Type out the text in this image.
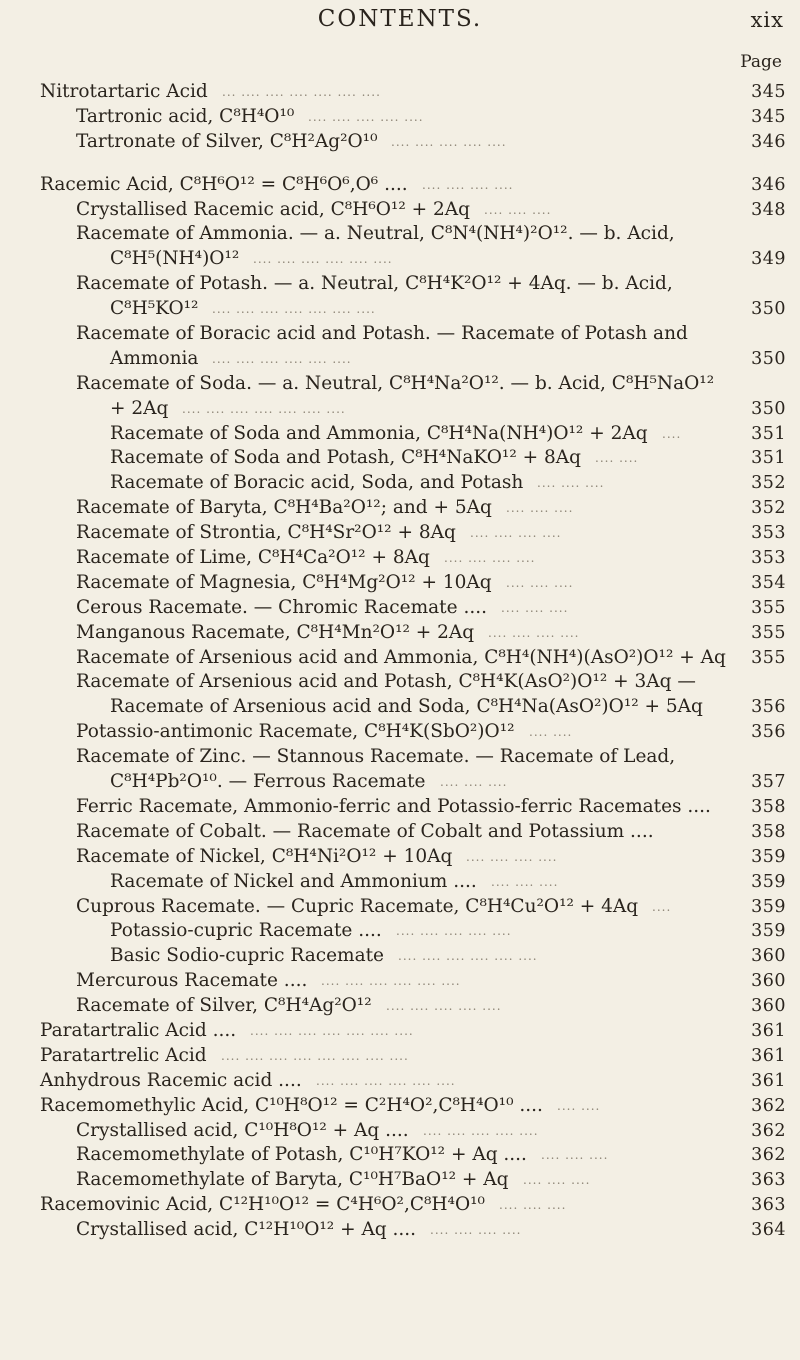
CONTENTS.	xix
Page
Nitrotartaric Acid	345
... .... .... .... .... .... ....
Tartronic acid, C⁸H⁴O¹⁰	345
.... .... .... .... ....
Tartronate of Silver, C⁸H²Ag²O¹⁰	346
.... .... .... .... ....
Racemic Acid, C⁸H⁶O¹² = C⁸H⁶O⁶,O⁶ ....	346
.... .... .... ....
Crystallised Racemic acid, C⁸H⁶O¹² + 2Aq	348
.... .... ....
Racemate of Ammonia. — a. Neutral, C⁸N⁴(NH⁴)²O¹². — b. Acid,
C⁸H⁵(NH⁴)O¹²	349
.... .... .... .... .... ....
Racemate of Potash. — a. Neutral, C⁸H⁴K²O¹² + 4Aq. — b. Acid,
C⁸H⁵KO¹²	350
.... .... .... .... .... .... ....
Racemate of Boracic acid and Potash. — Racemate of Potash and
Ammonia	350
.... .... .... .... .... ....
Racemate of Soda. — a. Neutral, C⁸H⁴Na²O¹². — b. Acid, C⁸H⁵NaO¹²
+ 2Aq	350
.... .... .... .... .... .... ....
Racemate of Soda and Ammonia, C⁸H⁴Na(NH⁴)O¹² + 2Aq	351
....
Racemate of Soda and Potash, C⁸H⁴NaKO¹² + 8Aq	351
.... ....
Racemate of Boracic acid, Soda, and Potash	352
.... .... ....
Racemate of Baryta, C⁸H⁴Ba²O¹²; and + 5Aq	352
.... .... ....
Racemate of Strontia, C⁸H⁴Sr²O¹² + 8Aq	353
.... .... .... ....
Racemate of Lime, C⁸H⁴Ca²O¹² + 8Aq	353
.... .... .... ....
Racemate of Magnesia, C⁸H⁴Mg²O¹² + 10Aq	354
.... .... ....
Cerous Racemate. — Chromic Racemate ....	355
.... .... ....
Manganous Racemate, C⁸H⁴Mn²O¹² + 2Aq	355
.... .... .... ....
Racemate of Arsenious acid and Ammonia, C⁸H⁴(NH⁴)(AsO²)O¹² + Aq 355
Racemate of Arsenious acid and Potash, C⁸H⁴K(AsO²)O¹² + 3Aq —
Racemate of Arsenious acid and Soda, C⁸H⁴Na(AsO²)O¹² + 5Aq	356
Potassio-antimonic Racemate, C⁸H⁴K(SbO²)O¹²	356
.... ....
Racemate of Zinc. — Stannous Racemate. — Racemate of Lead,
C⁸H⁴Pb²O¹⁰. — Ferrous Racemate	357
.... .... ....
Ferric Racemate, Ammonio-ferric and Potassio-ferric Racemates .... 358
Racemate of Cobalt. — Racemate of Cobalt and Potassium ....	358
Racemate of Nickel, C⁸H⁴Ni²O¹² + 10Aq	359
.... .... .... ....
Racemate of Nickel and Ammonium ....	359
.... .... ....
Cuprous Racemate. — Cupric Racemate, C⁸H⁴Cu²O¹² + 4Aq	359
....
Potassio-cupric Racemate ....	359
.... .... .... .... ....
Basic Sodio-cupric Racemate	360
.... .... .... .... .... ....
Mercurous Racemate ....	360
.... .... .... .... .... ....
Racemate of Silver, C⁸H⁴Ag²O¹²	360
.... .... .... .... ....
Paratartralic Acid ....	361
.... .... .... .... .... .... ....
Paratartrelic Acid	361
.... .... .... .... .... .... .... ....
Anhydrous Racemic acid ....	361
.... .... .... .... .... ....
Racemomethylic Acid, C¹⁰H⁸O¹² = C²H⁴O²,C⁸H⁴O¹⁰ ....	362
.... ....
Crystallised acid, C¹⁰H⁸O¹² + Aq ....	362
.... .... .... .... ....
Racemomethylate of Potash, C¹⁰H⁷KO¹² + Aq ....	362
.... .... ....
Racemomethylate of Baryta, C¹⁰H⁷BaO¹² + Aq	363
.... .... ....
Racemovinic Acid, C¹²H¹⁰O¹² = C⁴H⁶O²,C⁸H⁴O¹⁰	363
.... .... ....
Crystallised acid, C¹²H¹⁰O¹² + Aq ....	364
.... .... .... ....
